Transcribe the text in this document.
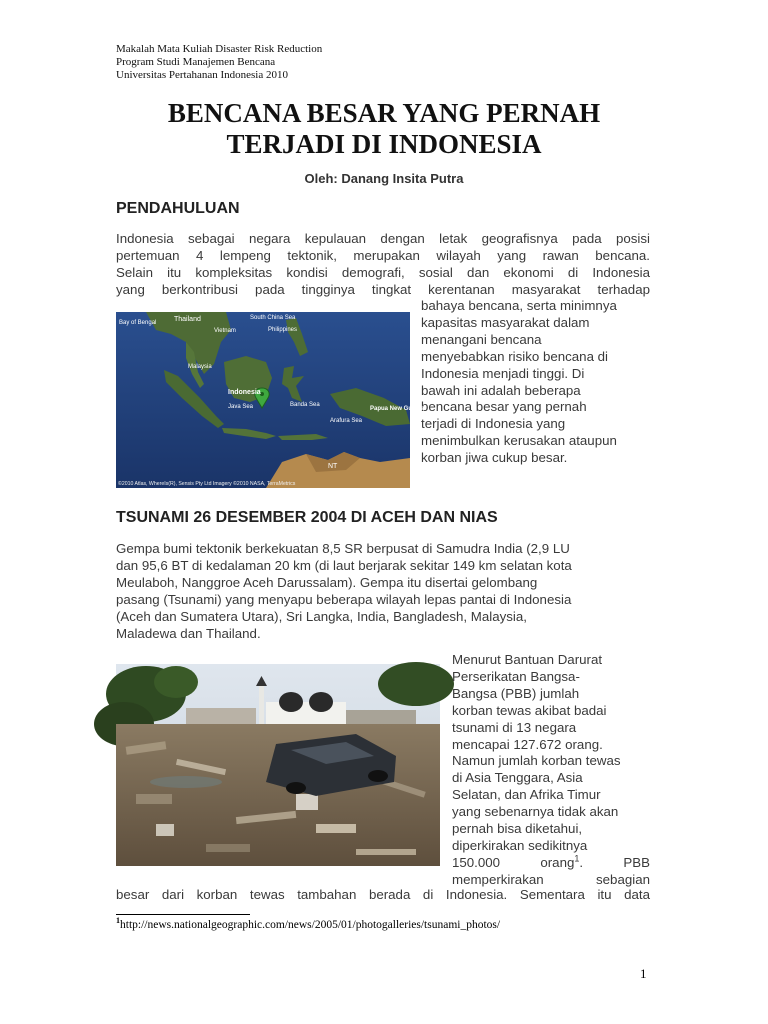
Makalah Mata Kuliah Disaster Risk Reduction
Program Studi Manajemen Bencana
Universitas Pertahanan Indonesia 2010
BENCANA BESAR YANG PERNAH
TERJADI DI INDONESIA
Oleh: Danang Insita Putra
PENDAHULUAN
Indonesia sebagai negara kepulauan dengan letak geografisnya pada posisi
pertemuan 4 lempeng tektonik, merupakan wilayah yang rawan bencana.
Selain itu kompleksitas kondisi demografi, sosial dan ekonomi di Indonesia
yang berkontribusi pada tingginya tingkat kerentanan masyarakat terhadap
bahaya bencana, serta minimnya
kapasitas masyarakat dalam
menangani bencana
menyebabkan risiko bencana di
Indonesia menjadi tinggi. Di
bawah ini adalah beberapa
bencana besar yang pernah
terjadi di Indonesia yang
menimbulkan kerusakan ataupun
korban jiwa cukup besar.
Thailand	South China Sea
Bay of Bengal
Vietnam	Philippines
Malaysia
Indonesia
Java Sea	Banda Sea
Arafura Sea
Papua New Guinea
NT
©2010 Atlas, WhereIs(R), Sensis Pty Ltd Imagery ©2010 NASA, TerraMetrics
TSUNAMI 26 DESEMBER 2004 DI ACEH DAN NIAS
Gempa bumi tektonik berkekuatan 8,5 SR berpusat di Samudra India (2,9 LU
dan 95,6 BT di kedalaman 20 km (di laut berjarak sekitar 149 km selatan kota
Meulaboh, Nanggroe Aceh Darussalam). Gempa itu disertai gelombang
pasang (Tsunami) yang menyapu beberapa wilayah lepas pantai di Indonesia
(Aceh dan Sumatera Utara), Sri Langka, India, Bangladesh, Malaysia,
Maladewa dan Thailand.
Menurut Bantuan Darurat
Perserikatan Bangsa-
Bangsa (PBB) jumlah
korban tewas akibat badai
tsunami di 13 negara
mencapai 127.672 orang.
Namun jumlah korban tewas
di Asia Tenggara, Asia
Selatan, dan Afrika Timur
yang sebenarnya tidak akan
pernah bisa diketahui,
diperkirakan sedikitnya
150.000 orang$^1$. PBB
memperkirakan sebagian
besar dari korban tewas tambahan berada di Indonesia. Sementara itu data
$^1$http://news.nationalgeographic.com/news/2005/01/photogalleries/tsunami_photos/
1
